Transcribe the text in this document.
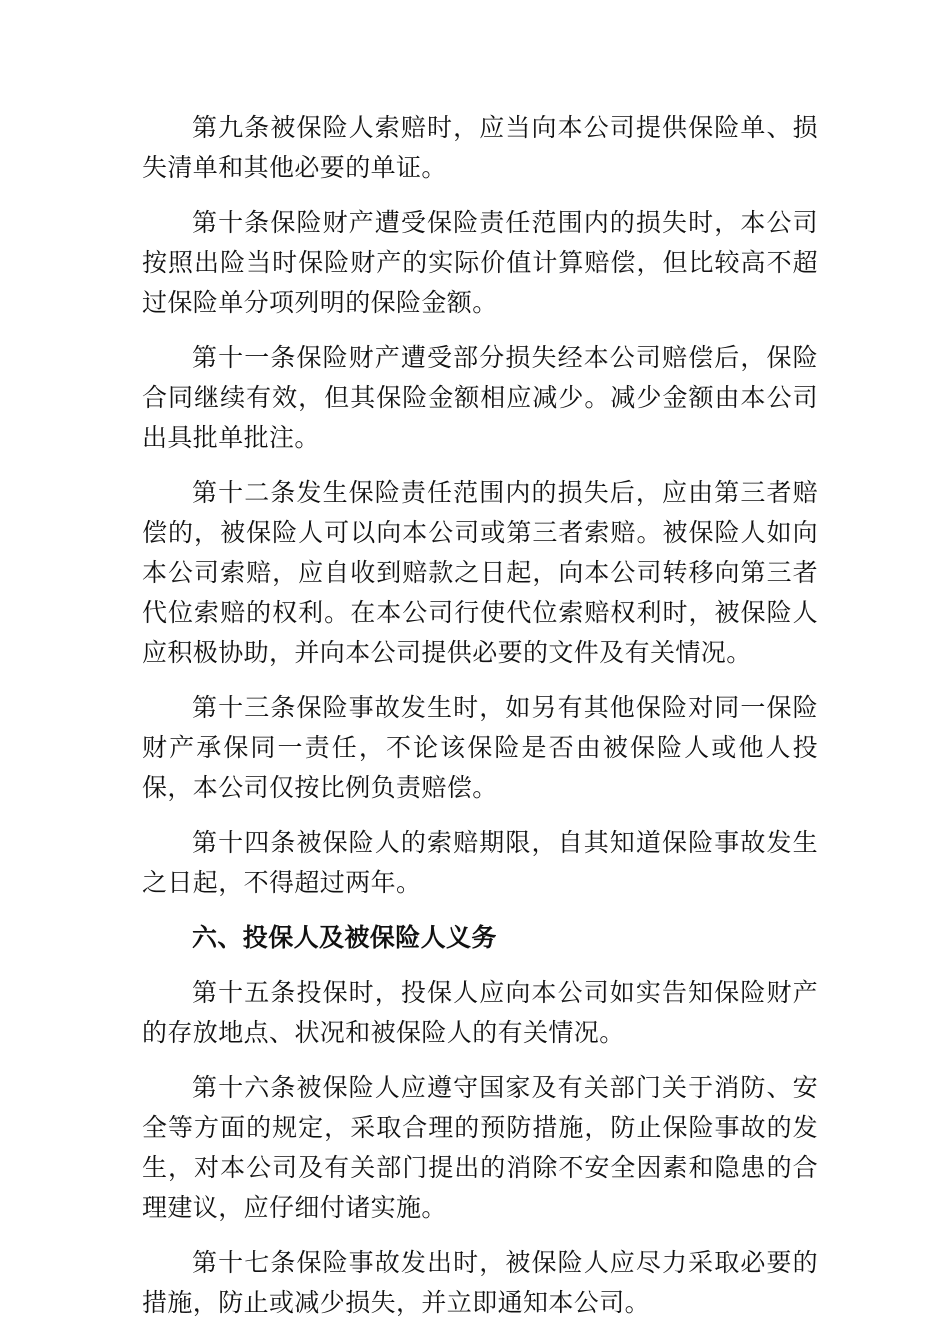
第九条被保险人索赔时，应当向本公司提供保险单、损失清单和其他必要的单证。

第十条保险财产遭受保险责任范围内的损失时，本公司按照出险当时保险财产的实际价值计算赔偿，但比较高不超过保险单分项列明的保险金额。

第十一条保险财产遭受部分损失经本公司赔偿后，保险合同继续有效，但其保险金额相应减少。减少金额由本公司出具批单批注。

第十二条发生保险责任范围内的损失后，应由第三者赔偿的，被保险人可以向本公司或第三者索赔。被保险人如向本公司索赔，应自收到赔款之日起，向本公司转移向第三者代位索赔的权利。在本公司行使代位索赔权利时，被保险人应积极协助，并向本公司提供必要的文件及有关情况。

第十三条保险事故发生时，如另有其他保险对同一保险财产承保同一责任，不论该保险是否由被保险人或他人投保，本公司仅按比例负责赔偿。

第十四条被保险人的索赔期限，自其知道保险事故发生之日起，不得超过两年。

六、投保人及被保险人义务

第十五条投保时，投保人应向本公司如实告知保险财产的存放地点、状况和被保险人的有关情况。

第十六条被保险人应遵守国家及有关部门关于消防、安全等方面的规定，采取合理的预防措施，防止保险事故的发生，对本公司及有关部门提出的消除不安全因素和隐患的合理建议，应仔细付诸实施。

第十七条保险事故发出时，被保险人应尽力采取必要的措施，防止或减少损失，并立即通知本公司。
